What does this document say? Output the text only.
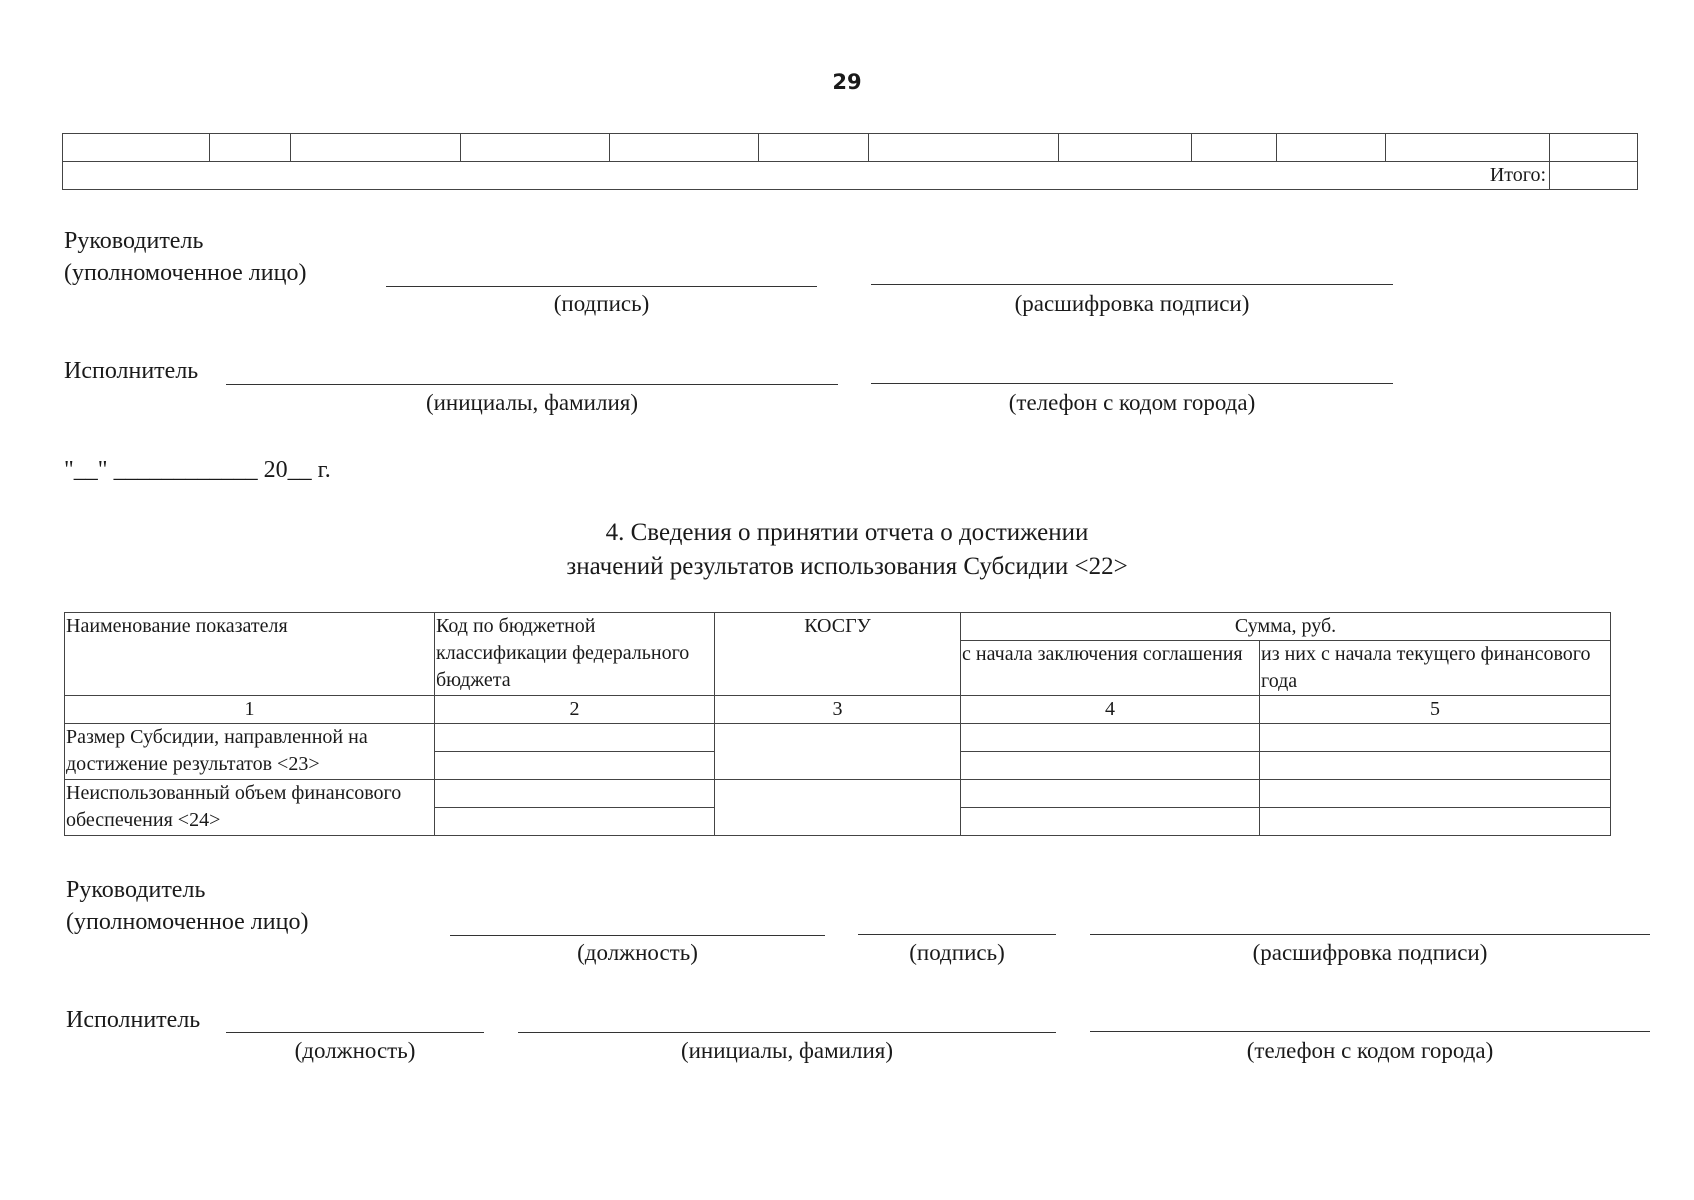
29

Итого:											
Руководитель
(уполномоченное лицо)
(подпись)	(расшифровка подписи)
Исполнитель
(инициалы, фамилия)	(телефон с кодом города)
"__" ____________ 20__ г.
4. Сведения о принятии отчета о достижении
значений результатов использования Субсидии <22>
Наименование показателя	Код по бюджетной классификации федерального бюджета	КОСГУ	Сумма, руб.	
			с начала заключения соглашения	из них с начала текущего финансового года
1	2	3	4	5
Размер Субсидии, направленной на достижение результатов <23>				

Неиспользованный объем финансового обеспечения <24>				

Руководитель
(уполномоченное лицо)
(должность)	(подпись)	(расшифровка подписи)
Исполнитель
(должность)	(инициалы, фамилия)	(телефон с кодом города)
